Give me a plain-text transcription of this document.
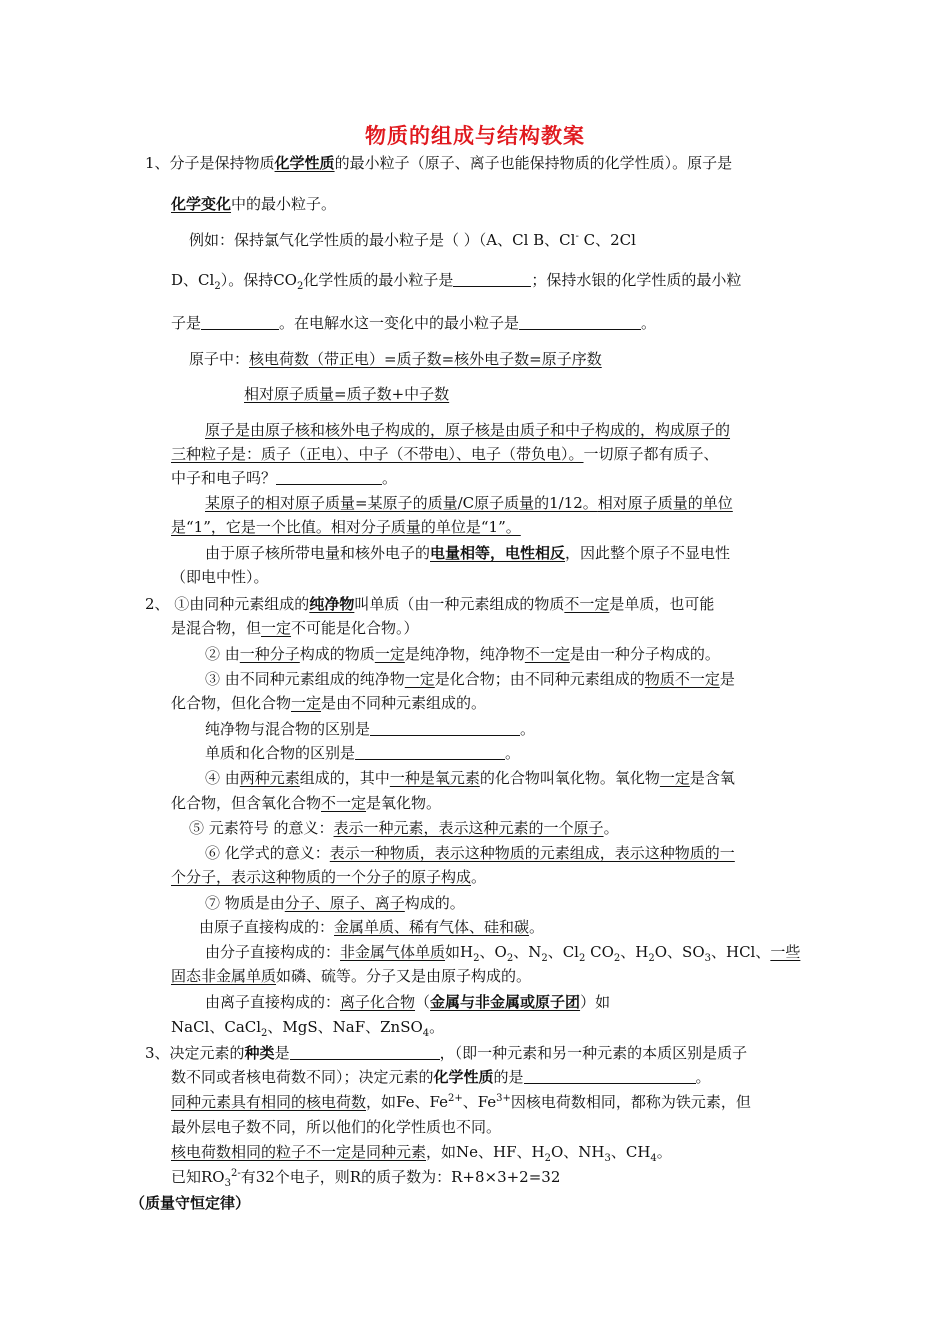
物质的组成与结构教案
1、分子是保持物质化学性质的最小粒子（原子、离子也能保持物质的化学性质）。原子是
化学变化中的最小粒子。
例如：保持氯气化学性质的最小粒子是（ ）（A、Cl B、Cl- C、2Cl
D、$Cl_2$）。保持$CO_2$化学性质的最小粒子是	；保持水银的化学性质的最小粒
子是	。在电解水这一变化中的最小粒子是	。
原子中：核电荷数（带正电）=质子数=核外电子数=原子序数
相对原子质量=质子数+中子数
原子是由原子核和核外电子构成的，原子核是由质子和中子构成的，构成原子的
三种粒子是：质子（正电）、中子（不带电）、电子（带负电）。一切原子都有质子、
中子和电子吗？	。
某原子的相对原子质量=某原子的质量/C原子质量的1/12。相对原子质量的单位
是“1”，它是一个比值。相对分子质量的单位是“1”。
由于原子核所带电量和核外电子的电量相等，电性相反，因此整个原子不显电性
（即电中性）。
2、 ①由同种元素组成的纯净物叫单质（由一种元素组成的物质不一定是单质，也可能
是混合物，但一定不可能是化合物。）
② 由一种分子构成的物质一定是纯净物，纯净物不一定是由一种分子构成的。
③ 由不同种元素组成的纯净物一定是化合物；由不同种元素组成的物质不一定是
化合物，但化合物一定是由不同种元素组成的。
纯净物与混合物的区别是	。
单质和化合物的区别是	。
④ 由两种元素组成的，其中一种是氧元素的化合物叫氧化物。氧化物一定是含氧
化合物，但含氧化合物不一定是氧化物。
⑤ 元素符号 的意义：表示一种元素，表示这种元素的一个原子。
⑥ 化学式的意义：表示一种物质，表示这种物质的元素组成，表示这种物质的一
个分子，表示这种物质的一个分子的原子构成。
⑦ 物质是由分子、原子、离子构成的。
由原子直接构成的：金属单质、稀有气体、硅和碳。
由分子直接构成的：非金属气体单质如$H_2$、$O_2$、$N_2$、$Cl_2$ $CO_2$、$H_2O$、$SO_3$、HCl、一些
固态非金属单质如磷、硫等。分子又是由原子构成的。
由离子直接构成的：离子化合物（金属与非金属或原子团）如
NaCl、CaCl$_2$、MgS、NaF、ZnSO$_4$。
3、决定元素的种类是	，（即一种元素和另一种元素的本质区别是质子
数不同或者核电荷数不同）；决定元素的化学性质的是	。
同种元素具有相同的核电荷数，如Fe、$Fe^{2+}$、$Fe^{3+}$因核电荷数相同，都称为铁元素，但
最外层电子数不同，所以他们的化学性质也不同。
核电荷数相同的粒子不一定是同种元素，如Ne、HF、$H_2O$、$NH_3$、$CH_4$。
已知$RO_3^{2-}$有32个电子，则R的质子数为：R+8×3+2=32
（质量守恒定律）
